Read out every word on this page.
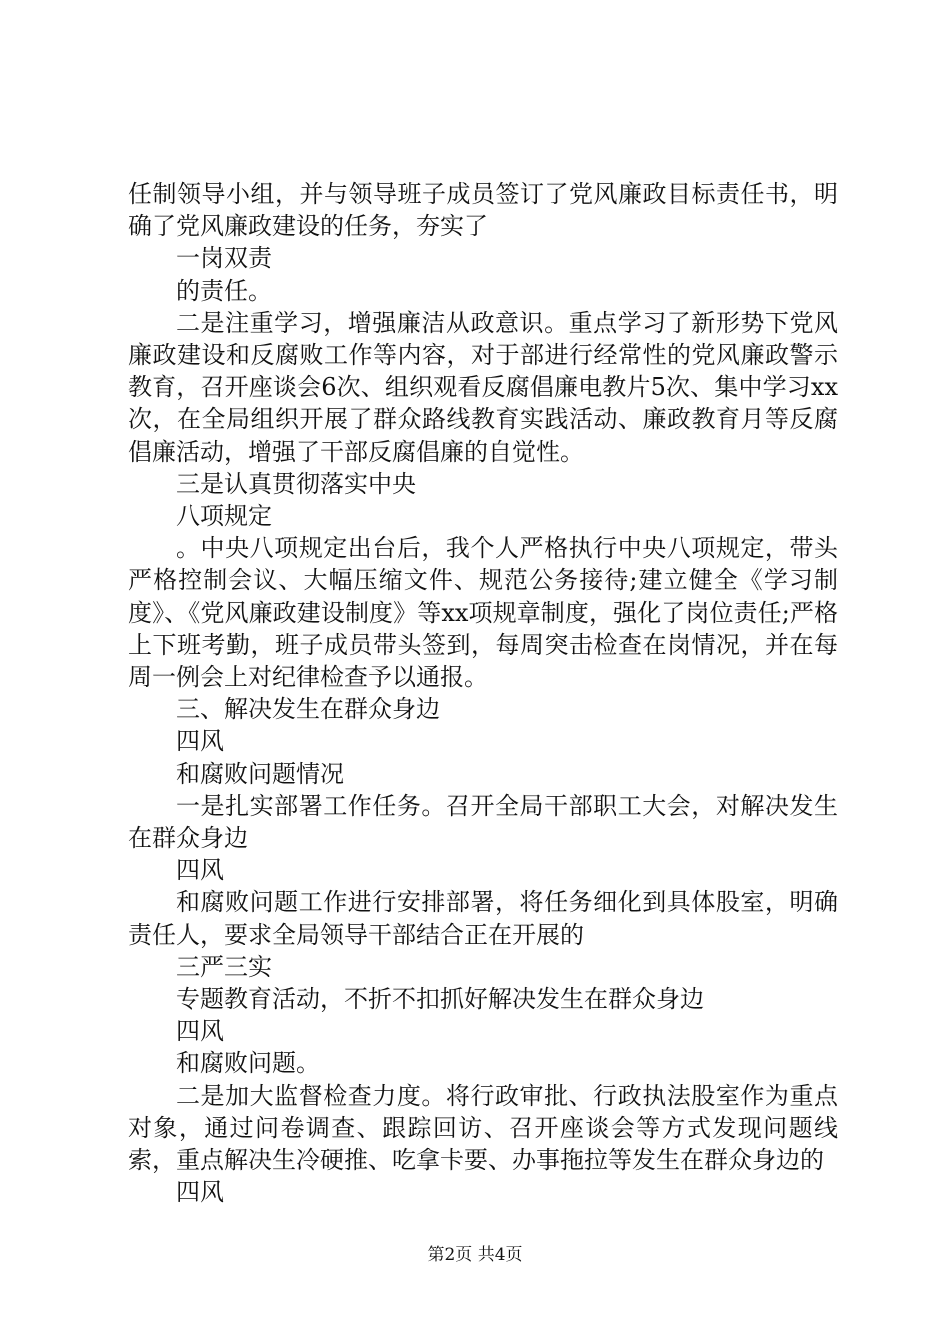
任制领导小组，并与领导班子成员签订了党风廉政目标责任书，明确了党风廉政建设的任务，夯实了

一岗双责

的责任。

二是注重学习，增强廉洁从政意识。重点学习了新形势下党风廉政建设和反腐败工作等内容，对于部进行经常性的党风廉政警示教育，召开座谈会6次、组织观看反腐倡廉电教片5次、集中学习xx次，在全局组织开展了群众路线教育实践活动、廉政教育月等反腐倡廉活动，增强了干部反腐倡廉的自觉性。

三是认真贯彻落实中央

八项规定

。中央八项规定出台后，我个人严格执行中央八项规定，带头严格控制会议、大幅压缩文件、规范公务接待;建立健全《学习制度》、《党风廉政建设制度》等xx项规章制度，强化了岗位责任;严格上下班考勤，班子成员带头签到，每周突击检查在岗情况，并在每周一例会上对纪律检查予以通报。

三、解决发生在群众身边

四风

和腐败问题情况

一是扎实部署工作任务。召开全局干部职工大会，对解决发生在群众身边

四风

和腐败问题工作进行安排部署，将任务细化到具体股室，明确责任人，要求全局领导干部结合正在开展的

三严三实

专题教育活动，不折不扣抓好解决发生在群众身边

四风

和腐败问题。

二是加大监督检查力度。将行政审批、行政执法股室作为重点对象，通过问卷调查、跟踪回访、召开座谈会等方式发现问题线索，重点解决生冷硬推、吃拿卡要、办事拖拉等发生在群众身边的

四风

第2页 共4页
